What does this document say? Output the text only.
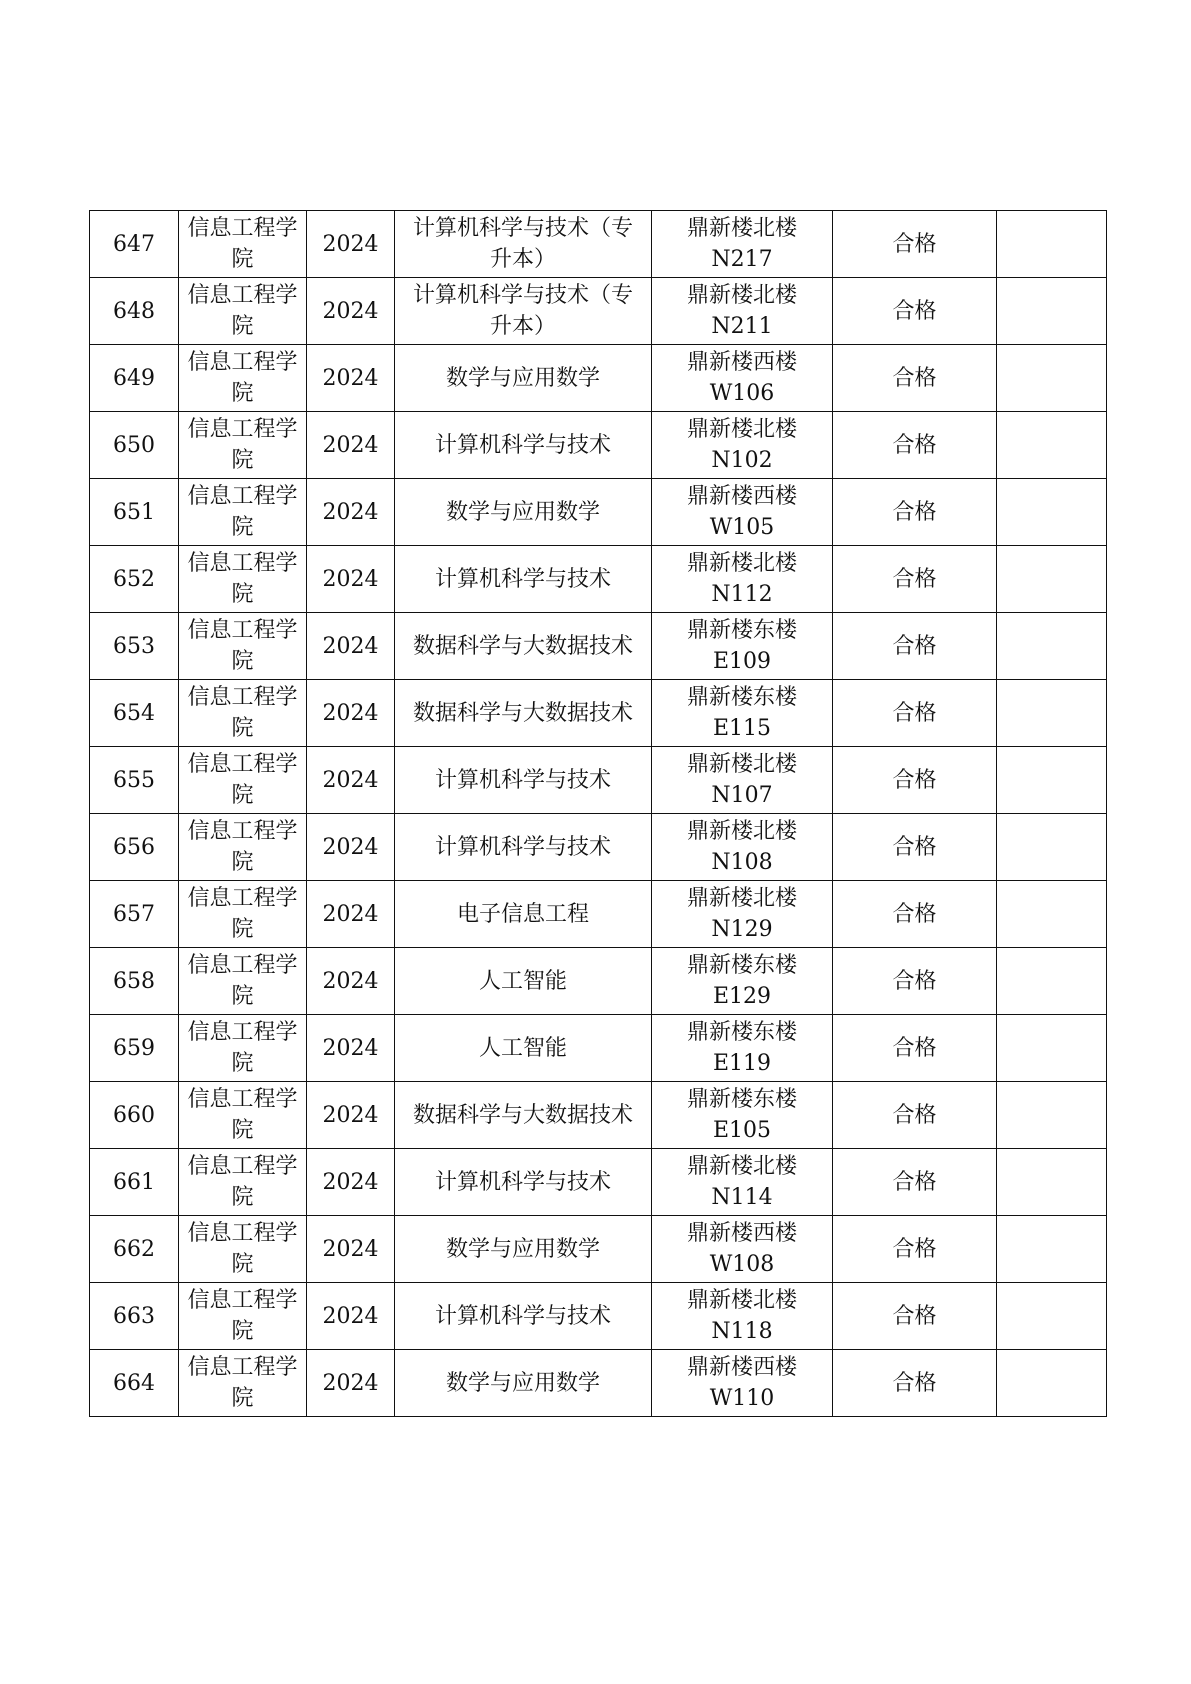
647	信息工程学院	2024	计算机科学与技术（专升本）	鼎新楼北楼N217	合格	
648	信息工程学院	2024	计算机科学与技术（专升本）	鼎新楼北楼N211	合格	
649	信息工程学院	2024	数学与应用数学	鼎新楼西楼W106	合格	
650	信息工程学院	2024	计算机科学与技术	鼎新楼北楼N102	合格	
651	信息工程学院	2024	数学与应用数学	鼎新楼西楼W105	合格	
652	信息工程学院	2024	计算机科学与技术	鼎新楼北楼N112	合格	
653	信息工程学院	2024	数据科学与大数据技术	鼎新楼东楼E109	合格	
654	信息工程学院	2024	数据科学与大数据技术	鼎新楼东楼E115	合格	
655	信息工程学院	2024	计算机科学与技术	鼎新楼北楼N107	合格	
656	信息工程学院	2024	计算机科学与技术	鼎新楼北楼N108	合格	
657	信息工程学院	2024	电子信息工程	鼎新楼北楼N129	合格	
658	信息工程学院	2024	人工智能	鼎新楼东楼E129	合格	
659	信息工程学院	2024	人工智能	鼎新楼东楼E119	合格	
660	信息工程学院	2024	数据科学与大数据技术	鼎新楼东楼E105	合格	
661	信息工程学院	2024	计算机科学与技术	鼎新楼北楼N114	合格	
662	信息工程学院	2024	数学与应用数学	鼎新楼西楼W108	合格	
663	信息工程学院	2024	计算机科学与技术	鼎新楼北楼N118	合格	
664	信息工程学院	2024	数学与应用数学	鼎新楼西楼W110	合格	
